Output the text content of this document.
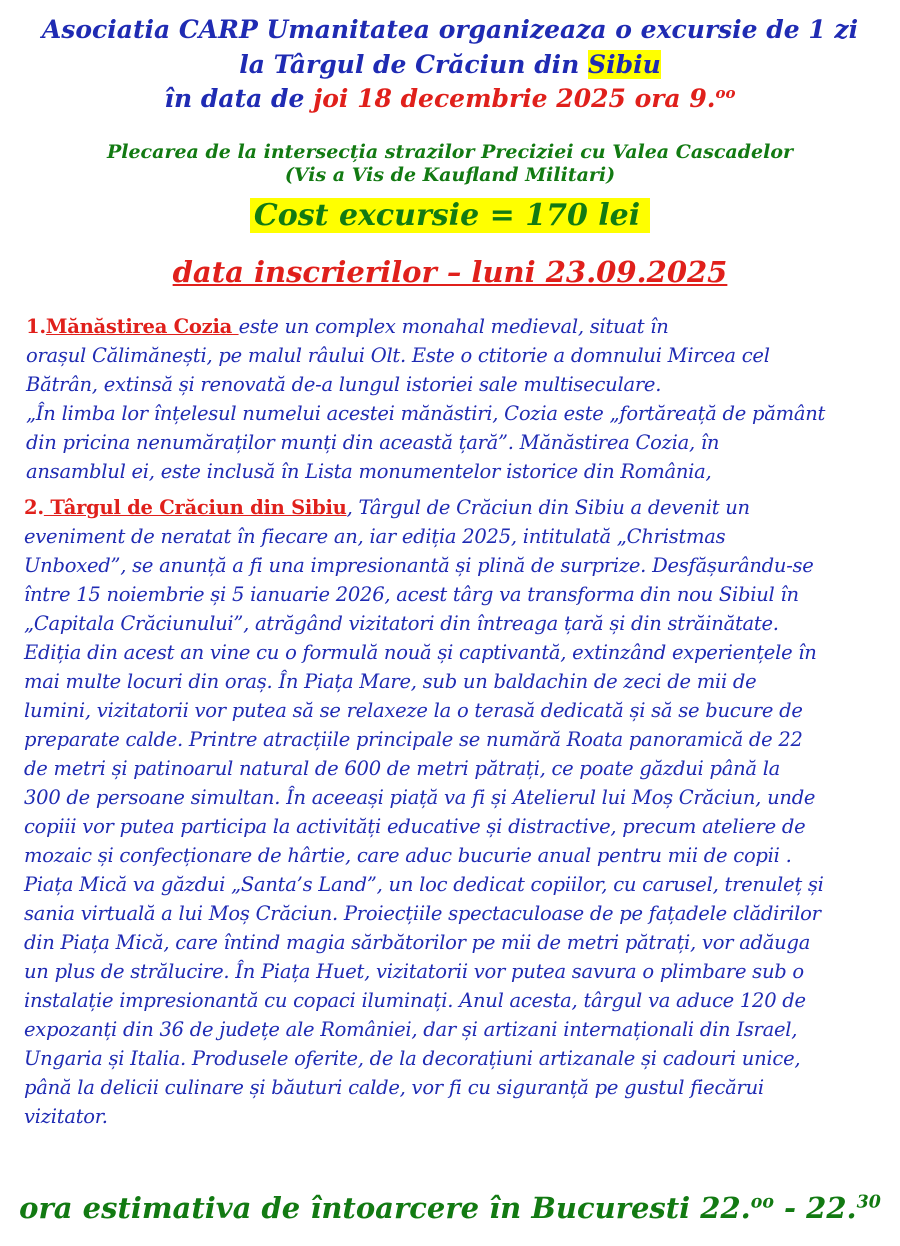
Asociatia CARP Umanitatea organizeaza o excursie de 1 zi
la Târgul de Crăciun din Sibiu
în data de joi 18 decembrie 2025 ora 9.$^{oo}$
Plecarea de la intersecția strazilor Preciziei cu Valea Cascadelor
(Vis a Vis de Kaufland Militari)
Cost excursie = 170 lei
data inscrierilor – luni 23.09.2025
1.Mănăstirea Cozia este un complex monahal medieval, situat în
orașul Călimănești, pe malul râului Olt. Este o ctitorie a domnului Mircea cel
Bătrân, extinsă și renovată de-a lungul istoriei sale multiseculare.
„În limba lor înțelesul numelui acestei mănăstiri, Cozia este „fortăreață de pământ
din pricina nenumăraților munți din această țară”. Mănăstirea Cozia, în
ansamblul ei, este inclusă în Lista monumentelor istorice din România,
2. Târgul de Crăciun din Sibiu, Târgul de Crăciun din Sibiu a devenit un
eveniment de neratat în fiecare an, iar ediția 2025, intitulată „Christmas
Unboxed”, se anunță a fi una impresionantă și plină de surprize. Desfășurându-se
între 15 noiembrie și 5 ianuarie 2026, acest târg va transforma din nou Sibiul în
„Capitala Crăciunului”, atrăgând vizitatori din întreaga țară și din străinătate.
Ediția din acest an vine cu o formulă nouă și captivantă, extinzând experiențele în
mai multe locuri din oraș. În Piața Mare, sub un baldachin de zeci de mii de
lumini, vizitatorii vor putea să se relaxeze la o terasă dedicată și să se bucure de
preparate calde. Printre atracțiile principale se numără Roata panoramică de 22
de metri și patinoarul natural de 600 de metri pătrați, ce poate găzdui până la
300 de persoane simultan. În aceeași piață va fi și Atelierul lui Moș Crăciun, unde
copiii vor putea participa la activități educative și distractive, precum ateliere de
mozaic și confecționare de hârtie, care aduc bucurie anual pentru mii de copii .
Piața Mică va găzdui „Santa’s Land”, un loc dedicat copiilor, cu carusel, trenuleț și
sania virtuală a lui Moș Crăciun. Proiecțiile spectaculoase de pe fațadele clădirilor
din Piața Mică, care întind magia sărbătorilor pe mii de metri pătrați, vor adăuga
un plus de strălucire. În Piața Huet, vizitatorii vor putea savura o plimbare sub o
instalație impresionantă cu copaci iluminați. Anul acesta, târgul va aduce 120 de
expozanți din 36 de județe ale României, dar și artizani internaționali din Israel,
Ungaria și Italia. Produsele oferite, de la decorațiuni artizanale și cadouri unice,
până la delicii culinare și băuturi calde, vor fi cu siguranță pe gustul fiecărui
vizitator.
ora estimativa de întoarcere în Bucuresti 22.$^{oo}$ - 22.30
